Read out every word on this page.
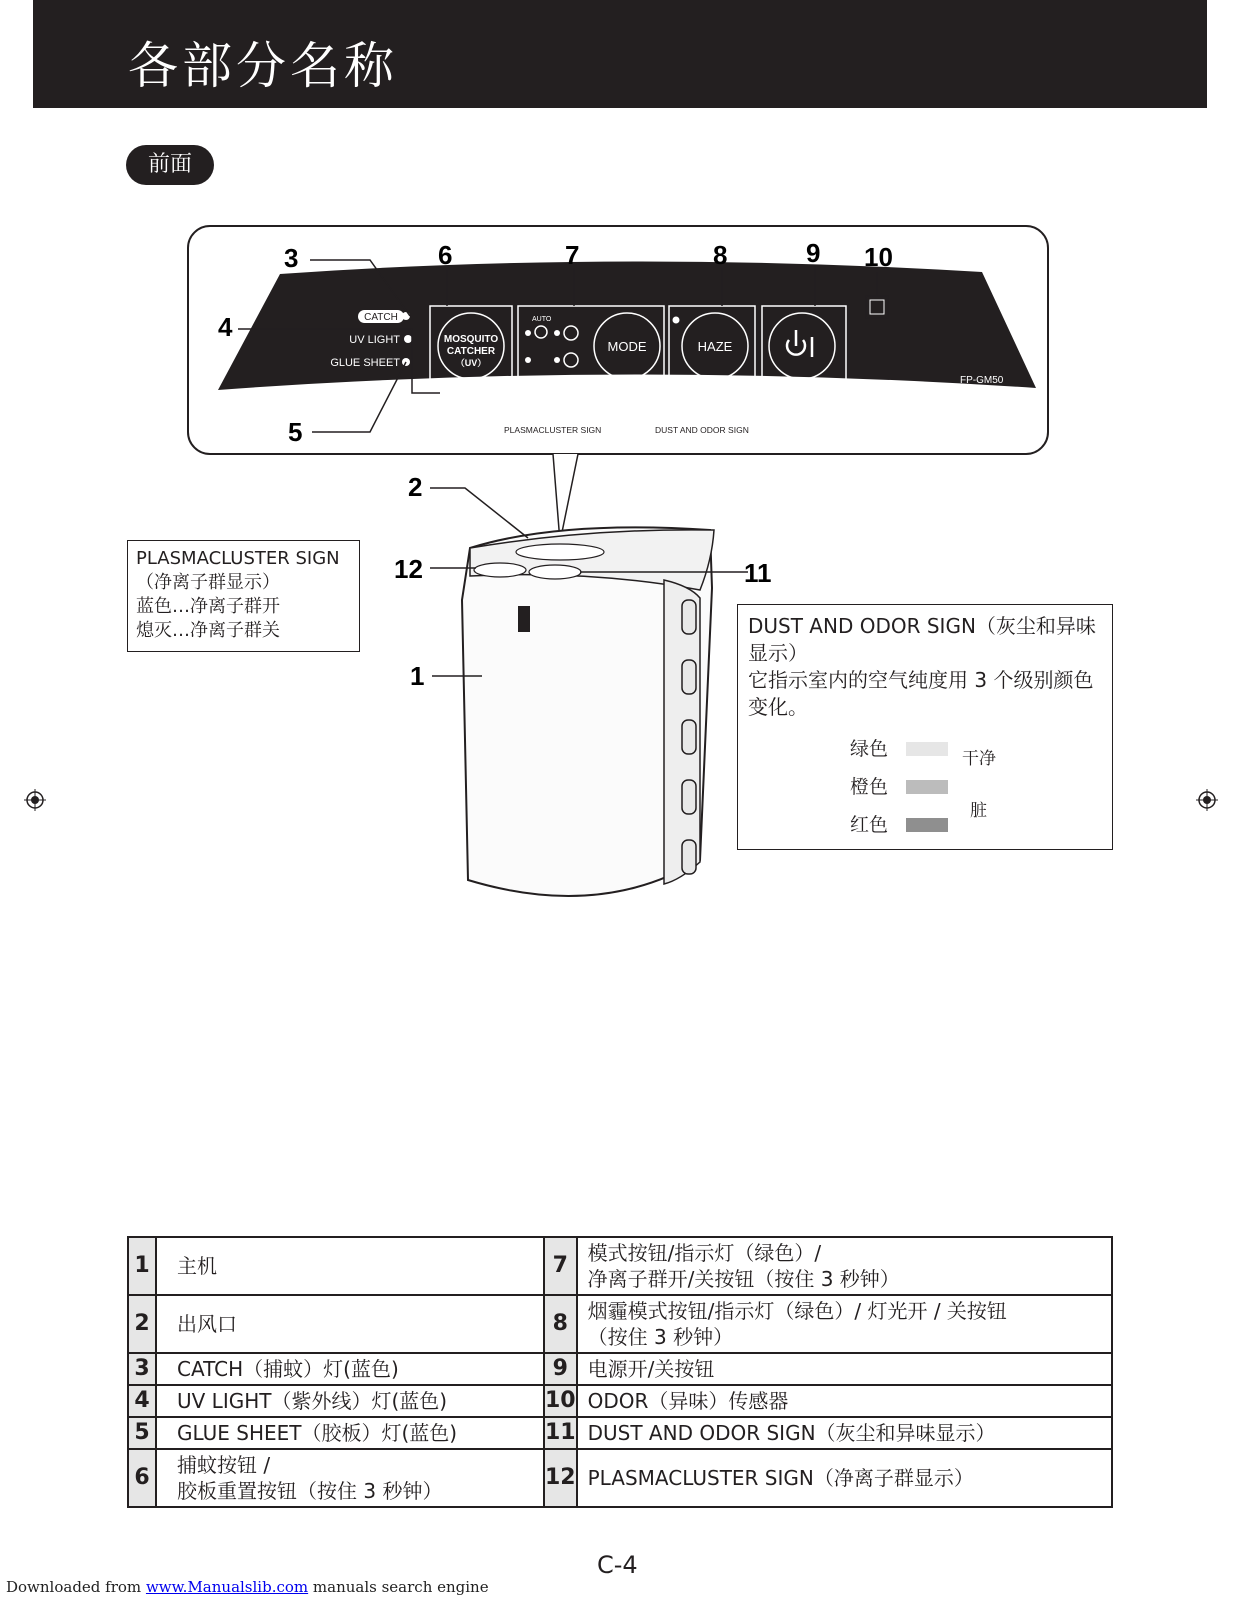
各部分名称
前面
CATCH
UV LIGHT
GLUE SHEET
SHEET SET
（Press 3sec.）
MOSQUITO
CATCHER
（UV）
AUTO
MODE
ON/OFF
（Press 3sec.）
HAZE
ON/OFF
（Press 3sec.）
POWER
FP-GM50
PLASMACLUSTER SIGN	DUST AND ODOR SIGN
3
4
5
6	7	8	9 10
1
2
11
12
PLASMACLUSTER SIGN
（净离子群显示）
蓝色…净离子群开
熄灭…净离子群关	DUST AND ODOR SIGN（灰尘和异味显示）
它指示室内的空气纯度用 3 个级别颜色变化。
绿色
橙色
红色
干净
脏
1	主机	7	模式按钮/指示灯（绿色）/
净离子群开/关按钮（按住 3 秒钟）

2	出风口	8	烟霾模式按钮/指示灯（绿色）/ 灯光开 / 关按钮
（按住 3 秒钟）

3	CATCH（捕蚊）灯(蓝色)	9	电源开/关按钮
4	UV LIGHT（紫外线）灯(蓝色)	10	ODOR（异味）传感器
5	GLUE SHEET（胶板）灯(蓝色)	11	DUST AND ODOR SIGN（灰尘和异味显示）
6	捕蚊按钮 /
胶板重置按钮（按住 3 秒钟）	12	PLASMACLUSTER SIGN（净离子群显示）
C-4
Downloaded from www.Manualslib.com manuals search engine
